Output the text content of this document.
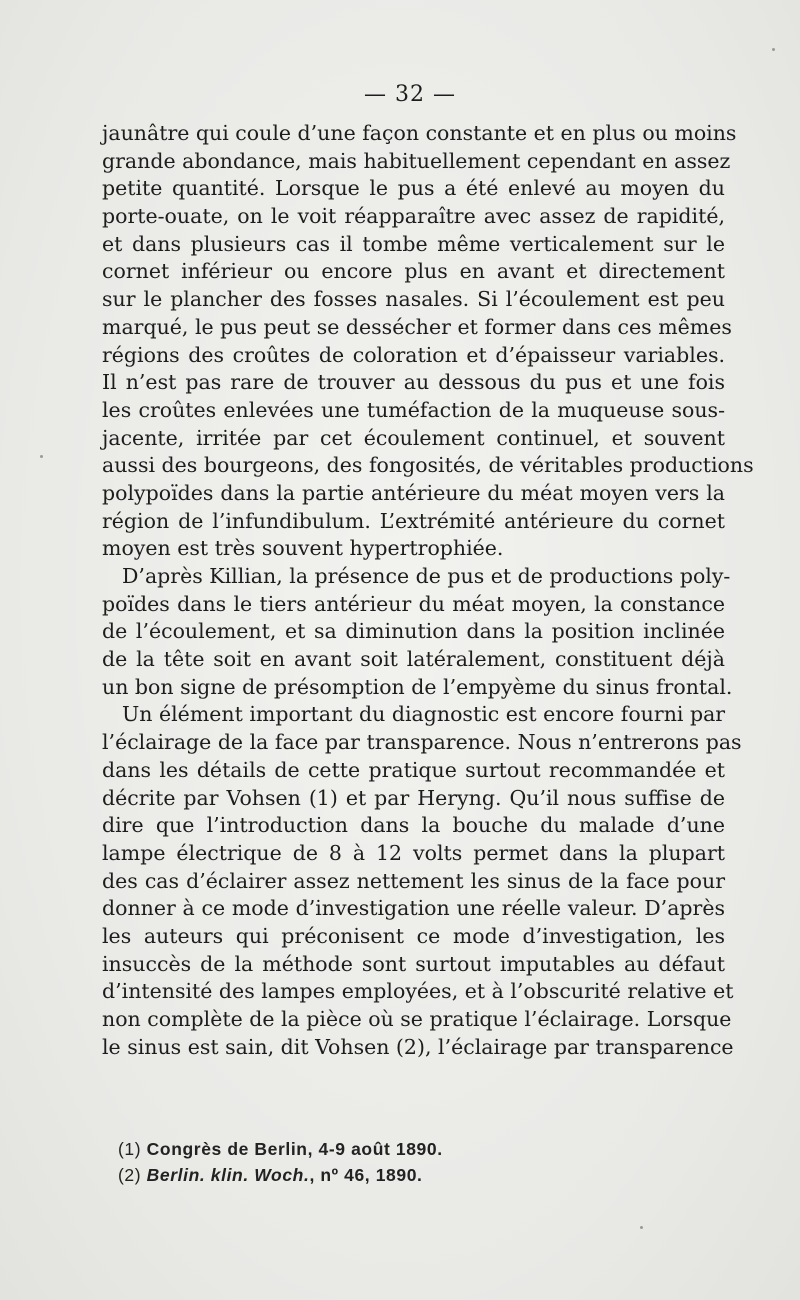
— 32 —
jaunâtre qui coule d’une façon constante et en plus ou moins
grande abondance, mais habituellement cependant en assez
petite quantité. Lorsque le pus a été enlevé au moyen du
porte-ouate, on le voit réapparaître avec assez de rapidité,
et dans plusieurs cas il tombe même verticalement sur le
cornet inférieur ou encore plus en avant et directement
sur le plancher des fosses nasales. Si l’écoulement est peu
marqué, le pus peut se dessécher et former dans ces mêmes
régions des croûtes de coloration et d’épaisseur variables.
Il n’est pas rare de trouver au dessous du pus et une fois
les croûtes enlevées une tuméfaction de la muqueuse sous-
jacente, irritée par cet écoulement continuel, et souvent
aussi des bourgeons, des fongosités, de véritables productions
polypoïdes dans la partie antérieure du méat moyen vers la
région de l’infundibulum. L’extrémité antérieure du cornet
moyen est très souvent hypertrophiée.
D’après Killian, la présence de pus et de productions poly-
poïdes dans le tiers antérieur du méat moyen, la constance
de l’écoulement, et sa diminution dans la position inclinée
de la tête soit en avant soit latéralement, constituent déjà
un bon signe de présomption de l’empyème du sinus frontal.
Un élément important du diagnostic est encore fourni par
l’éclairage de la face par transparence. Nous n’entrerons pas
dans les détails de cette pratique surtout recommandée et
décrite par Vohsen (1) et par Heryng. Qu’il nous suffise de
dire que l’introduction dans la bouche du malade d’une
lampe électrique de 8 à 12 volts permet dans la plupart
des cas d’éclairer assez nettement les sinus de la face pour
donner à ce mode d’investigation une réelle valeur. D’après
les auteurs qui préconisent ce mode d’investigation, les
insuccès de la méthode sont surtout imputables au défaut
d’intensité des lampes employées, et à l’obscurité relative et
non complète de la pièce où se pratique l’éclairage. Lorsque
le sinus est sain, dit Vohsen (2), l’éclairage par transparence
(1) Congrès de Berlin, 4-9 août 1890.
(2) Berlin. klin. Woch., nº 46, 1890.
